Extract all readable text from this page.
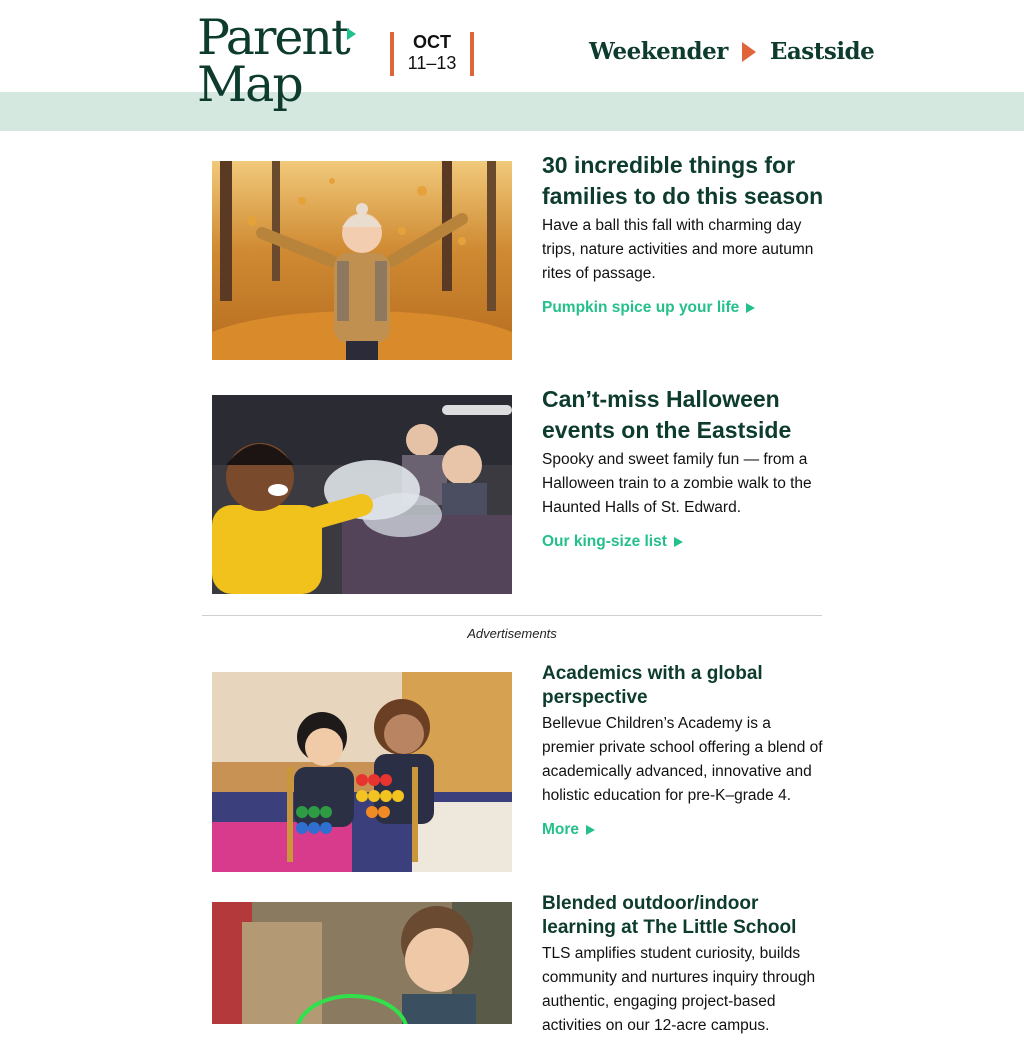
Parent
Map
OCT
11–13	Weekender Eastside
30 incredible things for families to do this season

Have a ball this fall with charming day trips, nature activities and more autumn rites of passage.

Pumpkin spice up your life
Can’t-miss Halloween events on the Eastside

Spooky and sweet family fun — from a Halloween train to a zombie walk to the Haunted Halls of St. Edward.

Our king-size list
Advertisements
Academics with a global perspective

Bellevue Children’s Academy is a premier private school offering a blend of academically advanced, innovative and holistic education for pre-K–grade 4.

More
Blended outdoor/indoor learning at The Little School

TLS amplifies student curiosity, builds community and nurtures inquiry through authentic, engaging project-based activities on our 12-acre campus.
